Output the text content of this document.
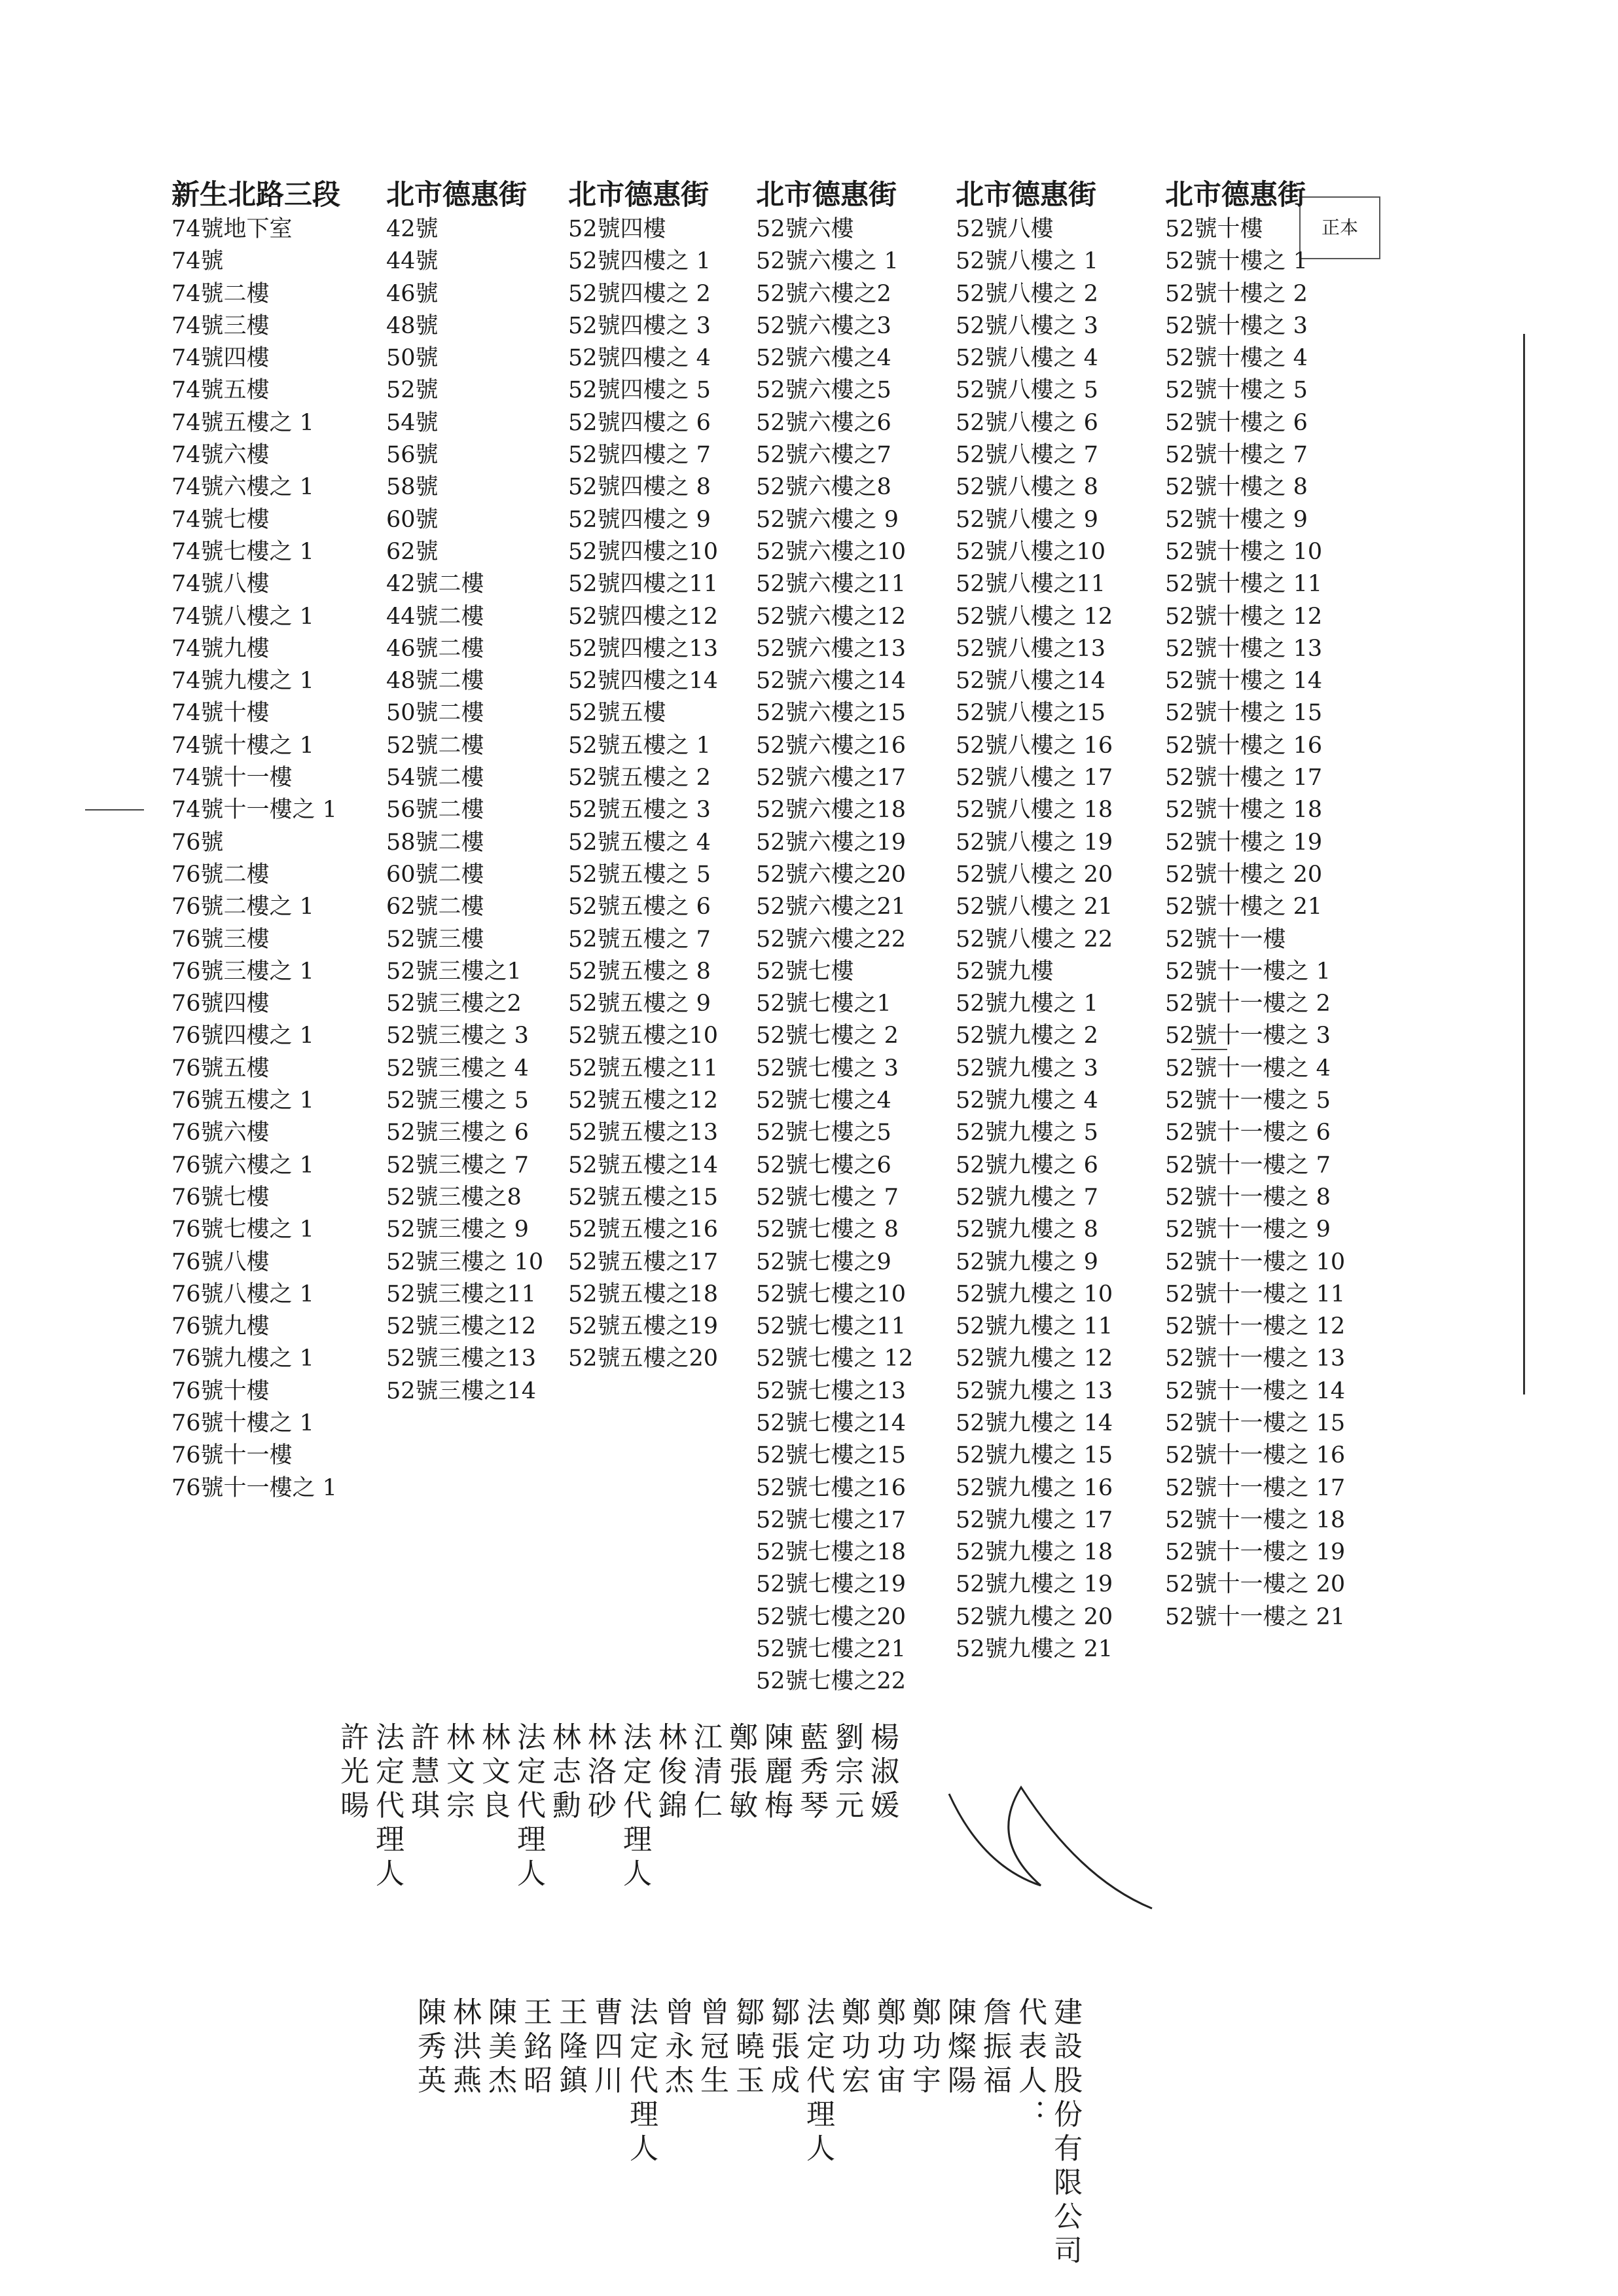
正本
新生北路三段
74號地下室
74號
74號二樓
74號三樓
74號四樓
74號五樓
74號五樓之 1
74號六樓
74號六樓之 1
74號七樓
74號七樓之 1
74號八樓
74號八樓之 1
74號九樓
74號九樓之 1
74號十樓
74號十樓之 1
74號十一樓
74號十一樓之 1
76號
76號二樓
76號二樓之 1
76號三樓
76號三樓之 1
76號四樓
76號四樓之 1
76號五樓
76號五樓之 1
76號六樓
76號六樓之 1
76號七樓
76號七樓之 1
76號八樓
76號八樓之 1
76號九樓
76號九樓之 1
76號十樓
76號十樓之 1
76號十一樓
76號十一樓之 1
北市德惠街
42號
44號
46號
48號
50號
52號
54號
56號
58號
60號
62號
42號二樓
44號二樓
46號二樓
48號二樓
50號二樓
52號二樓
54號二樓
56號二樓
58號二樓
60號二樓
62號二樓
52號三樓
52號三樓之1
52號三樓之2
52號三樓之 3
52號三樓之 4
52號三樓之 5
52號三樓之 6
52號三樓之 7
52號三樓之8
52號三樓之 9
52號三樓之 10
52號三樓之11
52號三樓之12
52號三樓之13
52號三樓之14
北市德惠街
52號四樓
52號四樓之 1
52號四樓之 2
52號四樓之 3
52號四樓之 4
52號四樓之 5
52號四樓之 6
52號四樓之 7
52號四樓之 8
52號四樓之 9
52號四樓之10
52號四樓之11
52號四樓之12
52號四樓之13
52號四樓之14
52號五樓
52號五樓之 1
52號五樓之 2
52號五樓之 3
52號五樓之 4
52號五樓之 5
52號五樓之 6
52號五樓之 7
52號五樓之 8
52號五樓之 9
52號五樓之10
52號五樓之11
52號五樓之12
52號五樓之13
52號五樓之14
52號五樓之15
52號五樓之16
52號五樓之17
52號五樓之18
52號五樓之19
52號五樓之20
北市德惠街
52號六樓
52號六樓之 1
52號六樓之2
52號六樓之3
52號六樓之4
52號六樓之5
52號六樓之6
52號六樓之7
52號六樓之8
52號六樓之 9
52號六樓之10
52號六樓之11
52號六樓之12
52號六樓之13
52號六樓之14
52號六樓之15
52號六樓之16
52號六樓之17
52號六樓之18
52號六樓之19
52號六樓之20
52號六樓之21
52號六樓之22
52號七樓
52號七樓之1
52號七樓之 2
52號七樓之 3
52號七樓之4
52號七樓之5
52號七樓之6
52號七樓之 7
52號七樓之 8
52號七樓之9
52號七樓之10
52號七樓之11
52號七樓之 12
52號七樓之13
52號七樓之14
52號七樓之15
52號七樓之16
52號七樓之17
52號七樓之18
52號七樓之19
52號七樓之20
52號七樓之21
52號七樓之22
北市德惠街
52號八樓
52號八樓之 1
52號八樓之 2
52號八樓之 3
52號八樓之 4
52號八樓之 5
52號八樓之 6
52號八樓之 7
52號八樓之 8
52號八樓之 9
52號八樓之10
52號八樓之11
52號八樓之 12
52號八樓之13
52號八樓之14
52號八樓之15
52號八樓之 16
52號八樓之 17
52號八樓之 18
52號八樓之 19
52號八樓之 20
52號八樓之 21
52號八樓之 22
52號九樓
52號九樓之 1
52號九樓之 2
52號九樓之 3
52號九樓之 4
52號九樓之 5
52號九樓之 6
52號九樓之 7
52號九樓之 8
52號九樓之 9
52號九樓之 10
52號九樓之 11
52號九樓之 12
52號九樓之 13
52號九樓之 14
52號九樓之 15
52號九樓之 16
52號九樓之 17
52號九樓之 18
52號九樓之 19
52號九樓之 20
52號九樓之 21
北市德惠街
52號十樓
52號十樓之 1
52號十樓之 2
52號十樓之 3
52號十樓之 4
52號十樓之 5
52號十樓之 6
52號十樓之 7
52號十樓之 8
52號十樓之 9
52號十樓之 10
52號十樓之 11
52號十樓之 12
52號十樓之 13
52號十樓之 14
52號十樓之 15
52號十樓之 16
52號十樓之 17
52號十樓之 18
52號十樓之 19
52號十樓之 20
52號十樓之 21
52號十一樓
52號十一樓之 1
52號十一樓之 2
52號十一樓之 3
52號十一樓之 4
52號十一樓之 5
52號十一樓之 6
52號十一樓之 7
52號十一樓之 8
52號十一樓之 9
52號十一樓之 10
52號十一樓之 11
52號十一樓之 12
52號十一樓之 13
52號十一樓之 14
52號十一樓之 15
52號十一樓之 16
52號十一樓之 17
52號十一樓之 18
52號十一樓之 19
52號十一樓之 20
52號十一樓之 21
楊淑媛
劉宗元
藍秀琴
陳麗梅
鄭張敏
江清仁
林俊錦
法定代理人
林洛砂
林志勳
法定代理人
林文良
林文宗
許慧琪
法定代理人
許光暘
建設股份有限公司
代表人：
詹振福
陳燦陽
鄭功宇
鄭功宙
鄭功宏
法定代理人
鄒張成
鄒曉玉
曾冠生
曾永杰
法定代理人
曹四川
王隆鎮
王銘昭
陳美杰
林洪燕
陳秀英
